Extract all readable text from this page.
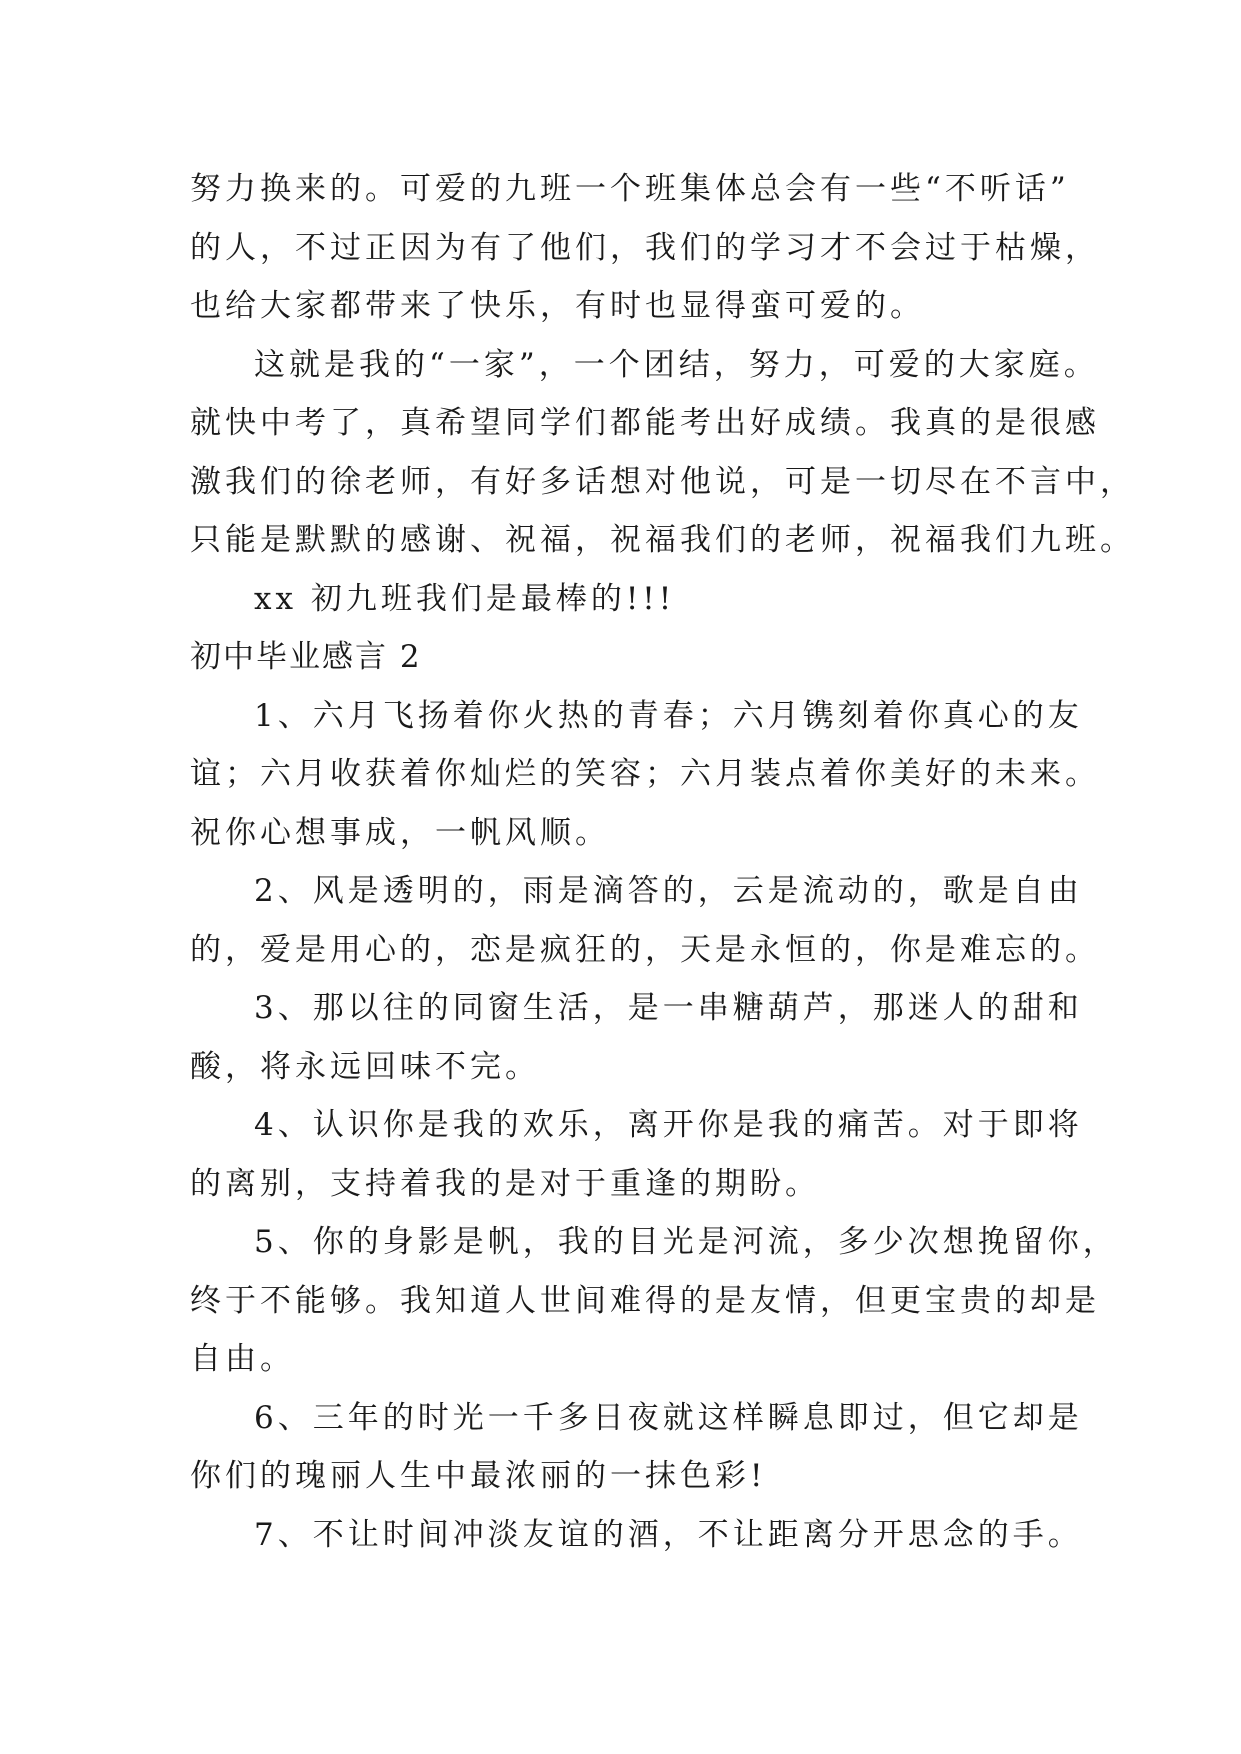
努力换来的。可爱的九班一个班集体总会有一些“不听话”
的人，不过正因为有了他们，我们的学习才不会过于枯燥，
也给大家都带来了快乐，有时也显得蛮可爱的。
这就是我的“一家”，一个团结，努力，可爱的大家庭。
就快中考了，真希望同学们都能考出好成绩。我真的是很感
激我们的徐老师，有好多话想对他说，可是一切尽在不言中，
只能是默默的感谢、祝福，祝福我们的老师，祝福我们九班。
xx 初九班我们是最棒的!!!
初中毕业感言 2
1、六月飞扬着你火热的青春；六月镌刻着你真心的友
谊；六月收获着你灿烂的笑容；六月装点着你美好的未来。
祝你心想事成，一帆风顺。
2、风是透明的，雨是滴答的，云是流动的，歌是自由
的，爱是用心的，恋是疯狂的，天是永恒的，你是难忘的。
3、那以往的同窗生活，是一串糖葫芦，那迷人的甜和
酸，将永远回味不完。
4、认识你是我的欢乐，离开你是我的痛苦。对于即将
的离别，支持着我的是对于重逢的期盼。
5、你的身影是帆，我的目光是河流，多少次想挽留你，
终于不能够。我知道人世间难得的是友情，但更宝贵的却是
自由。
6、三年的时光一千多日夜就这样瞬息即过，但它却是
你们的瑰丽人生中最浓丽的一抹色彩!
7、不让时间冲淡友谊的酒，不让距离分开思念的手。
